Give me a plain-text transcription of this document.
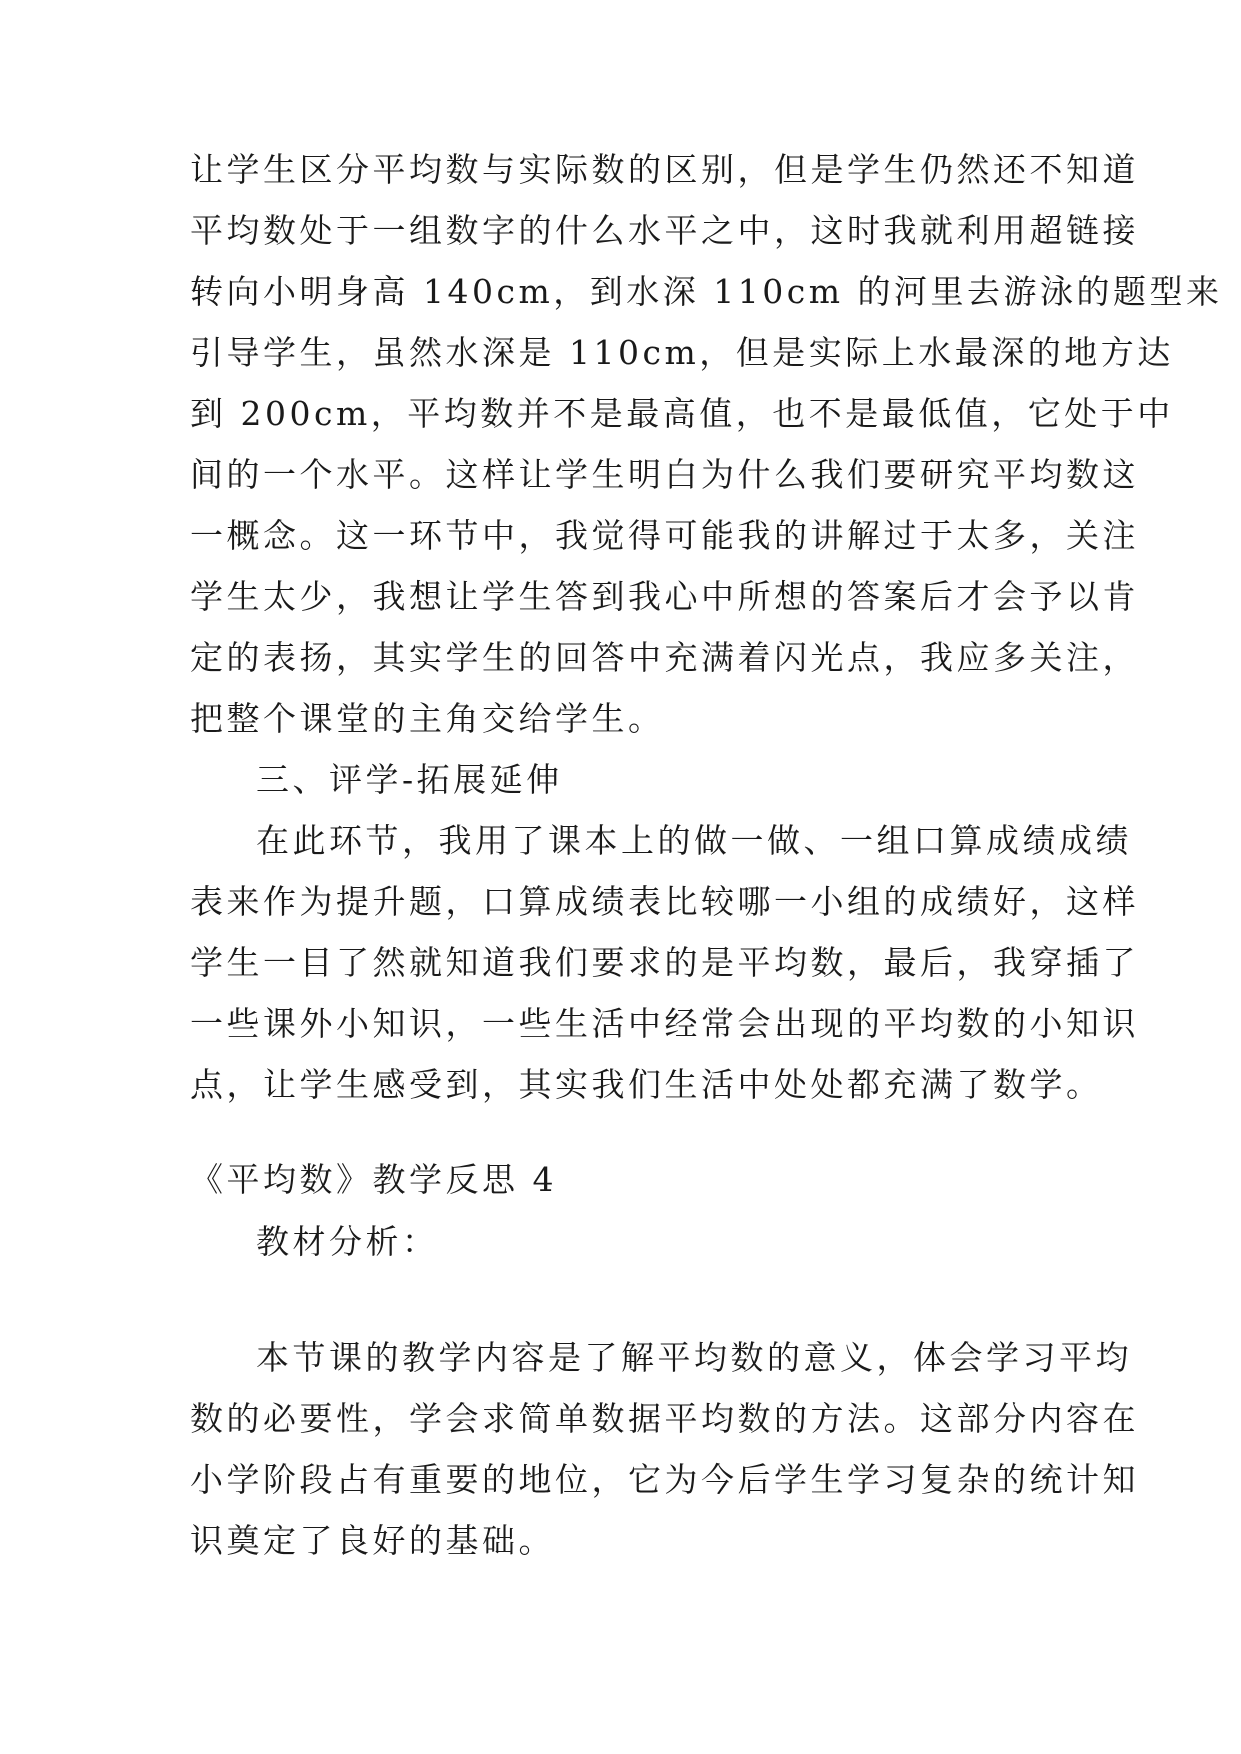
让学生区分平均数与实际数的区别，但是学生仍然还不知道
平均数处于一组数字的什么水平之中，这时我就利用超链接
转向小明身高 140cm，到水深 110cm 的河里去游泳的题型来
引导学生，虽然水深是 110cm，但是实际上水最深的地方达
到 200cm，平均数并不是最高值，也不是最低值，它处于中
间的一个水平。这样让学生明白为什么我们要研究平均数这
一概念。这一环节中，我觉得可能我的讲解过于太多，关注
学生太少，我想让学生答到我心中所想的答案后才会予以肯
定的表扬，其实学生的回答中充满着闪光点，我应多关注，
把整个课堂的主角交给学生。
三、评学-拓展延伸
在此环节，我用了课本上的做一做、一组口算成绩成绩
表来作为提升题，口算成绩表比较哪一小组的成绩好，这样
学生一目了然就知道我们要求的是平均数，最后，我穿插了
一些课外小知识，一些生活中经常会出现的平均数的小知识
点，让学生感受到，其实我们生活中处处都充满了数学。
《平均数》教学反思 4
教材分析：
本节课的教学内容是了解平均数的意义，体会学习平均
数的必要性，学会求简单数据平均数的方法。这部分内容在
小学阶段占有重要的地位，它为今后学生学习复杂的统计知
识奠定了良好的基础。
